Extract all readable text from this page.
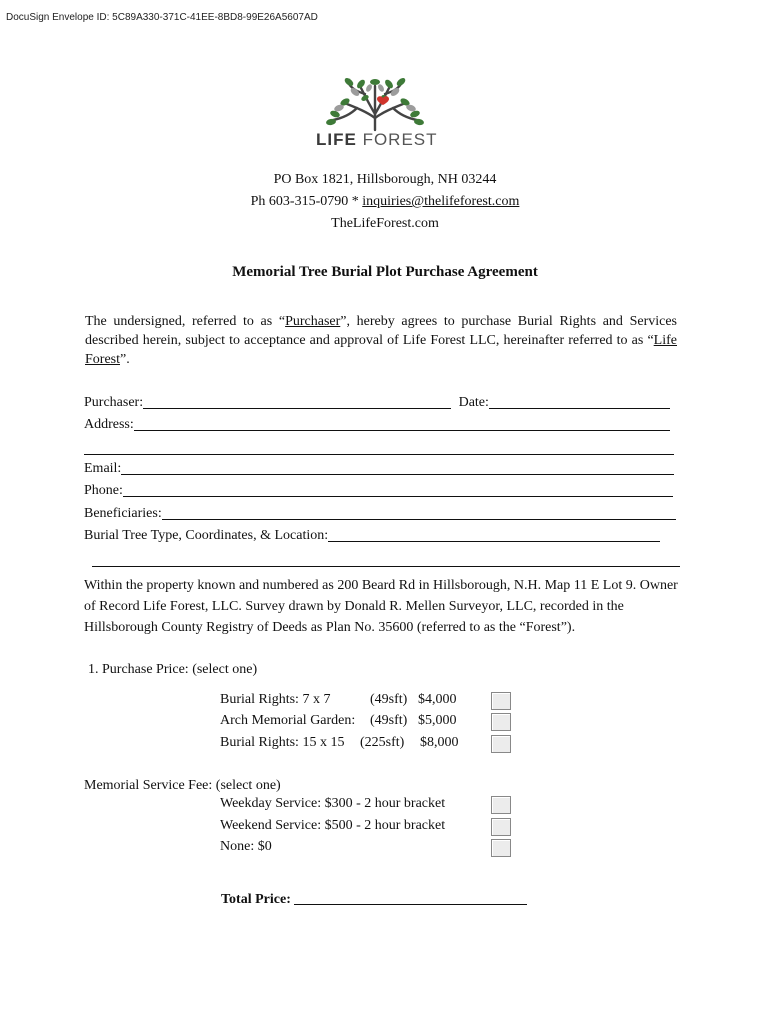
DocuSign Envelope ID: 5C89A330-371C-41EE-8BD8-99E26A5607AD
LIFE FOREST
PO Box 1821, Hillsborough, NH 03244
Ph 603-315-0790 * inquiries@thelifeforest.com
TheLifeForest.com
Memorial Tree Burial Plot Purchase Agreement
The undersigned, referred to as “Purchaser”, hereby agrees to purchase Burial Rights and Services described herein, subject to acceptance and approval of Life Forest LLC, hereinafter referred to as “Life Forest”.
Purchaser:	Date:
Address:
Email:
Phone:
Beneficiaries:
Burial Tree Type, Coordinates, & Location:
Within the property known and numbered as 200 Beard Rd in Hillsborough, N.H. Map 11 E Lot 9. Owner of Record Life Forest, LLC. Survey drawn by Donald R. Mellen Surveyor, LLC, recorded in the Hillsborough County Registry of Deeds as Plan No. 35600 (referred to as the “Forest”).
1. Purchase Price: (select one)
Burial Rights: 7 x 7	(49sft) $4,000
Arch Memorial Garden: (49sft) $5,000
Burial Rights: 15 x 15 (225sft) $8,000
Memorial Service Fee: (select one)
Weekday Service: $300 - 2 hour bracket
Weekend Service: $500 - 2 hour bracket
None: $0
Total Price:
